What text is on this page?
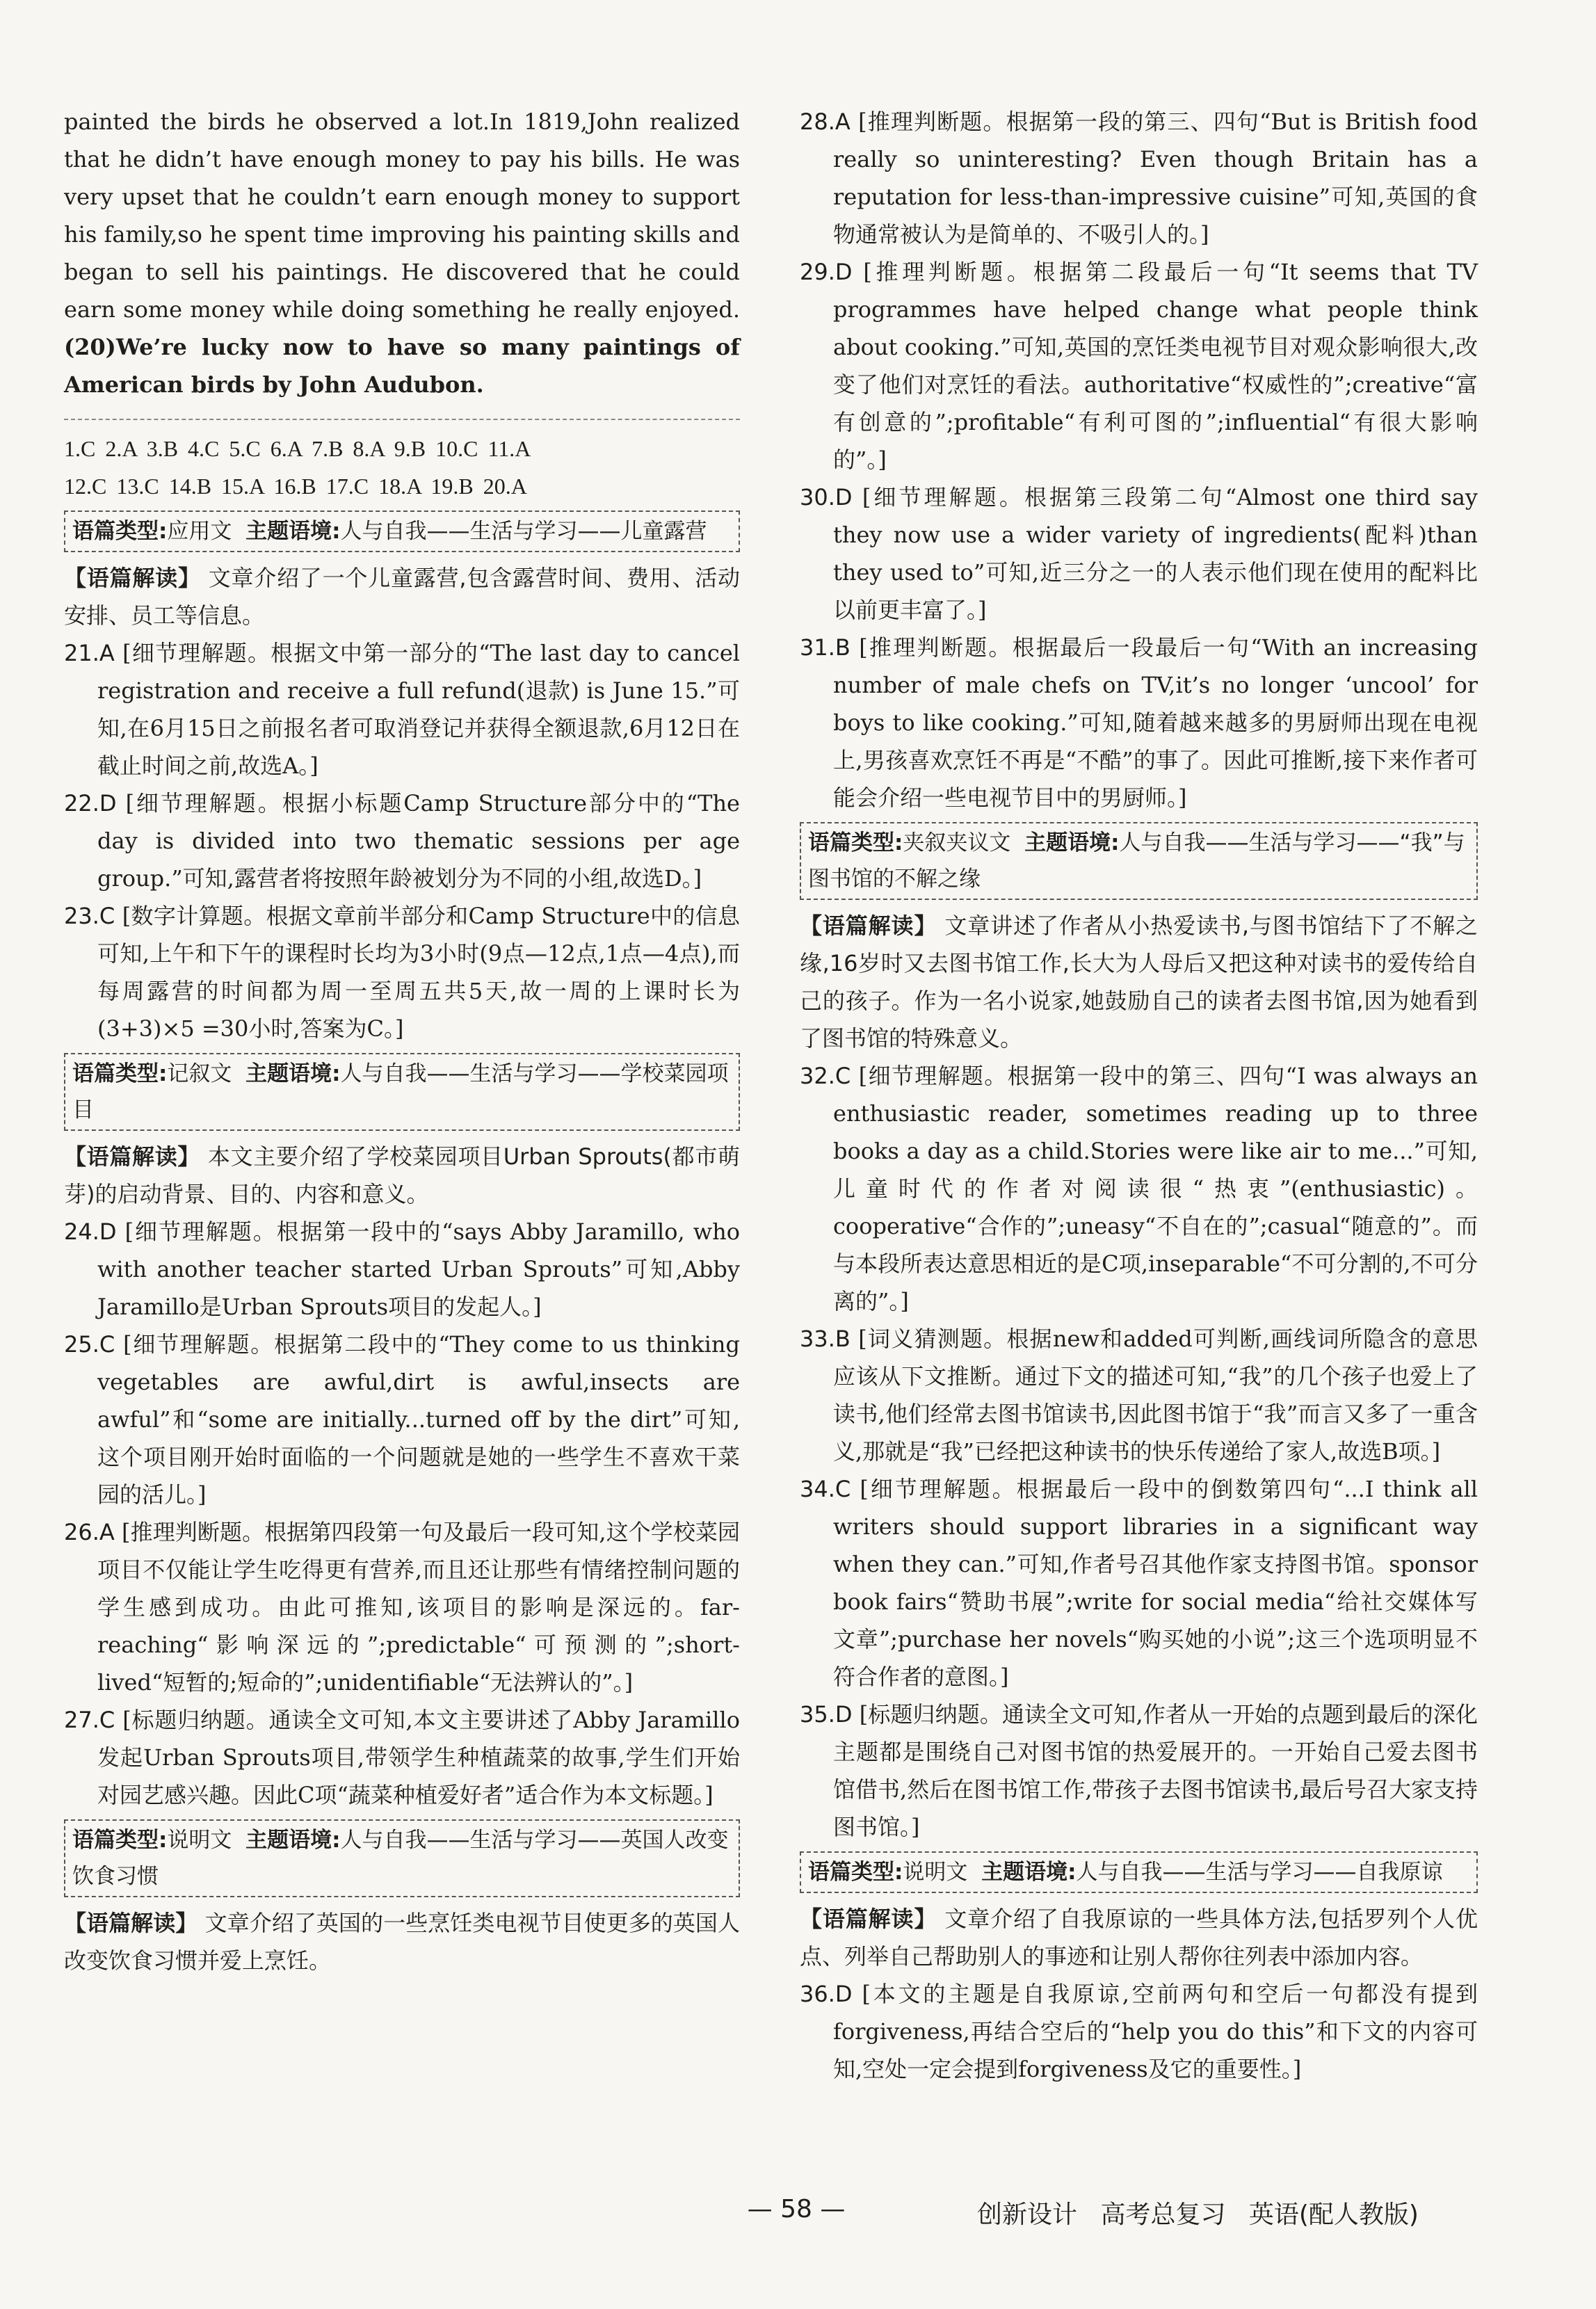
painted the birds he observed a lot.In 1819,John realized that he didn’t have enough money to pay his bills. He was very upset that he couldn’t earn enough money to support his family,so he spent time improving his painting skills and began to sell his paintings. He discovered that he could earn some money while doing something he really enjoyed. (20)We’re lucky now to have so many paintings of American birds by John Audubon.

1.C 2.A 3.B 4.C 5.C 6.A 7.B 8.A 9.B 10.C 11.A
12.C 13.C 14.B 15.A 16.B 17.C 18.A 19.B 20.A
语篇类型:应用文 主题语境:人与自我——生活与学习——儿童露营

【语篇解读】 文章介绍了一个儿童露营,包含露营时间、费用、活动安排、员工等信息。

21.A [细节理解题。根据文中第一部分的“The last day to cancel registration and receive a full refund(退款) is June 15.”可知,在6月15日之前报名者可取消登记并获得全额退款,6月12日在截止时间之前,故选A。]

22.D [细节理解题。根据小标题Camp Structure部分中的“The day is divided into two thematic sessions per age group.”可知,露营者将按照年龄被划分为不同的小组,故选D。]

23.C [数字计算题。根据文章前半部分和Camp Structure中的信息可知,上午和下午的课程时长均为3小时(9点—12点,1点—4点),而每周露营的时间都为周一至周五共5天,故一周的上课时长为(3+3)×5 =30小时,答案为C。]

语篇类型:记叙文 主题语境:人与自我——生活与学习——学校菜园项目

【语篇解读】 本文主要介绍了学校菜园项目Urban Sprouts(都市萌芽)的启动背景、目的、内容和意义。

24.D [细节理解题。根据第一段中的“says Abby Jaramillo, who with another teacher started Urban Sprouts”可知,Abby Jaramillo是Urban Sprouts项目的发起人。]

25.C [细节理解题。根据第二段中的“They come to us thinking vegetables are awful,dirt is awful,insects are awful”和“some are initially...turned off by the dirt”可知,这个项目刚开始时面临的一个问题就是她的一些学生不喜欢干菜园的活儿。]

26.A [推理判断题。根据第四段第一句及最后一段可知,这个学校菜园项目不仅能让学生吃得更有营养,而且还让那些有情绪控制问题的学生感到成功。由此可推知,该项目的影响是深远的。far-reaching“影响深远的”;predictable“可预测的”;short-lived“短暂的;短命的”;unidentifiable“无法辨认的”。]

27.C [标题归纳题。通读全文可知,本文主要讲述了Abby Jaramillo发起Urban Sprouts项目,带领学生种植蔬菜的故事,学生们开始对园艺感兴趣。因此C项“蔬菜种植爱好者”适合作为本文标题。]

语篇类型:说明文 主题语境:人与自我——生活与学习——英国人改变饮食习惯

【语篇解读】 文章介绍了英国的一些烹饪类电视节目使更多的英国人改变饮食习惯并爱上烹饪。

28.A [推理判断题。根据第一段的第三、四句“But is British food really so uninteresting? Even though Britain has a reputation for less-than-impressive cuisine”可知,英国的食物通常被认为是简单的、不吸引人的。]

29.D [推理判断题。根据第二段最后一句“It seems that TV programmes have helped change what people think about cooking.”可知,英国的烹饪类电视节目对观众影响很大,改变了他们对烹饪的看法。authoritative“权威性的”;creative“富有创意的”;profitable“有利可图的”;influential“有很大影响的”。]

30.D [细节理解题。根据第三段第二句“Almost one third say they now use a wider variety of ingredients(配料)than they used to”可知,近三分之一的人表示他们现在使用的配料比以前更丰富了。]

31.B [推理判断题。根据最后一段最后一句“With an increasing number of male chefs on TV,it’s no longer ‘uncool’ for boys to like cooking.”可知,随着越来越多的男厨师出现在电视上,男孩喜欢烹饪不再是“不酷”的事了。因此可推断,接下来作者可能会介绍一些电视节目中的男厨师。]

语篇类型:夹叙夹议文 主题语境:人与自我——生活与学习——“我”与图书馆的不解之缘

【语篇解读】 文章讲述了作者从小热爱读书,与图书馆结下了不解之缘,16岁时又去图书馆工作,长大为人母后又把这种对读书的爱传给自己的孩子。作为一名小说家,她鼓励自己的读者去图书馆,因为她看到了图书馆的特殊意义。

32.C [细节理解题。根据第一段中的第三、四句“I was always an enthusiastic reader, sometimes reading up to three books a day as a child.Stories were like air to me...”可知,儿童时代的作者对阅读很“热衷”(enthusiastic)。cooperative“合作的”;uneasy“不自在的”;casual“随意的”。而与本段所表达意思相近的是C项,inseparable“不可分割的,不可分离的”。]

33.B [词义猜测题。根据new和added可判断,画线词所隐含的意思应该从下文推断。通过下文的描述可知,“我”的几个孩子也爱上了读书,他们经常去图书馆读书,因此图书馆于“我”而言又多了一重含义,那就是“我”已经把这种读书的快乐传递给了家人,故选B项。]

34.C [细节理解题。根据最后一段中的倒数第四句“...I think all writers should support libraries in a significant way when they can.”可知,作者号召其他作家支持图书馆。sponsor book fairs“赞助书展”;write for social media“给社交媒体写文章”;purchase her novels“购买她的小说”;这三个选项明显不符合作者的意图。]

35.D [标题归纳题。通读全文可知,作者从一开始的点题到最后的深化主题都是围绕自己对图书馆的热爱展开的。一开始自己爱去图书馆借书,然后在图书馆工作,带孩子去图书馆读书,最后号召大家支持图书馆。]

语篇类型:说明文 主题语境:人与自我——生活与学习——自我原谅

【语篇解读】 文章介绍了自我原谅的一些具体方法,包括罗列个人优点、列举自己帮助别人的事迹和让别人帮你往列表中添加内容。

36.D [本文的主题是自我原谅,空前两句和空后一句都没有提到forgiveness,再结合空后的“help you do this”和下文的内容可知,空处一定会提到forgiveness及它的重要性。]

— 58 —	创新设计 高考总复习 英语(配人教版)
